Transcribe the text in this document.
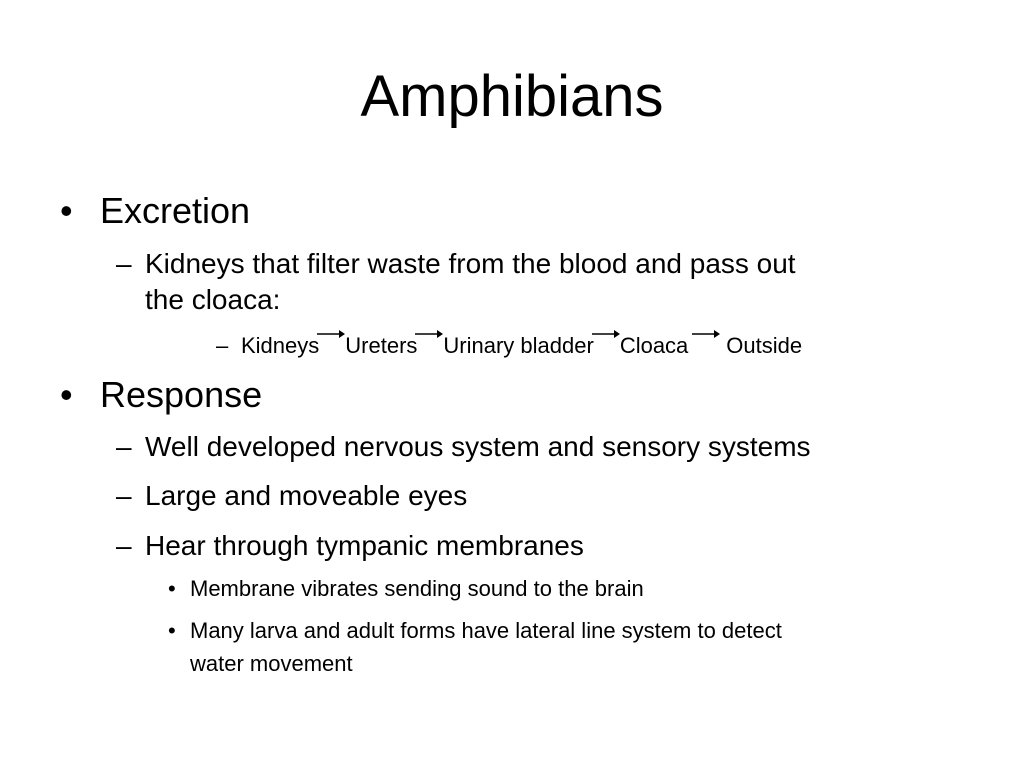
Amphibians
• Excretion
– Kidneys that filter waste from the blood and pass out
the cloaca:
– Kidneys Ureters Urinary bladder Cloaca Outside
• Response
– Well developed nervous system and sensory systems
– Large and moveable eyes
– Hear through tympanic membranes
• Membrane vibrates sending sound to the brain
• Many larva and adult forms have lateral line system to detect
water movement
